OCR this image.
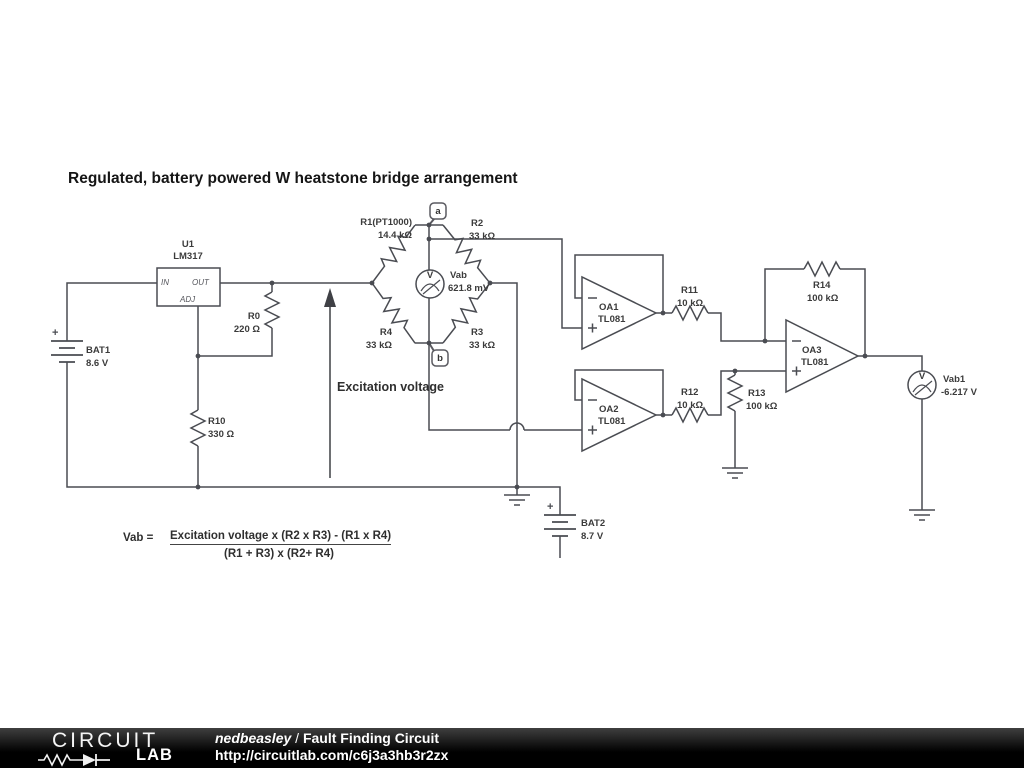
Regulated, battery powered W heatstone bridge arrangement
U1
LM317
IN	OUT
ADJ
+
BAT1
8.6 V
R0
220 Ω
R10
330 Ω
R1(PT1000)
14.4 kΩ
R2
33 kΩ
R4
33 kΩ
R3
33 kΩ
V	Vab
621.8 mV
a
b
Excitation voltage
OA1
TL081
OA2
TL081
OA3
TL081
R11
10 kΩ
R12
10 kΩ
R13
100 kΩ
R14
100 kΩ
V	Vab1
-6.217 V
+
BAT2
8.7 V
Vab = Excitation voltage x (R2 x R3) - (R1 x R4)
(R1 + R3) x (R2+ R4)
CIRCUIT
LAB
nedbeasley / Fault Finding Circuit
http://circuitlab.com/c6j3a3hb3r2zx
